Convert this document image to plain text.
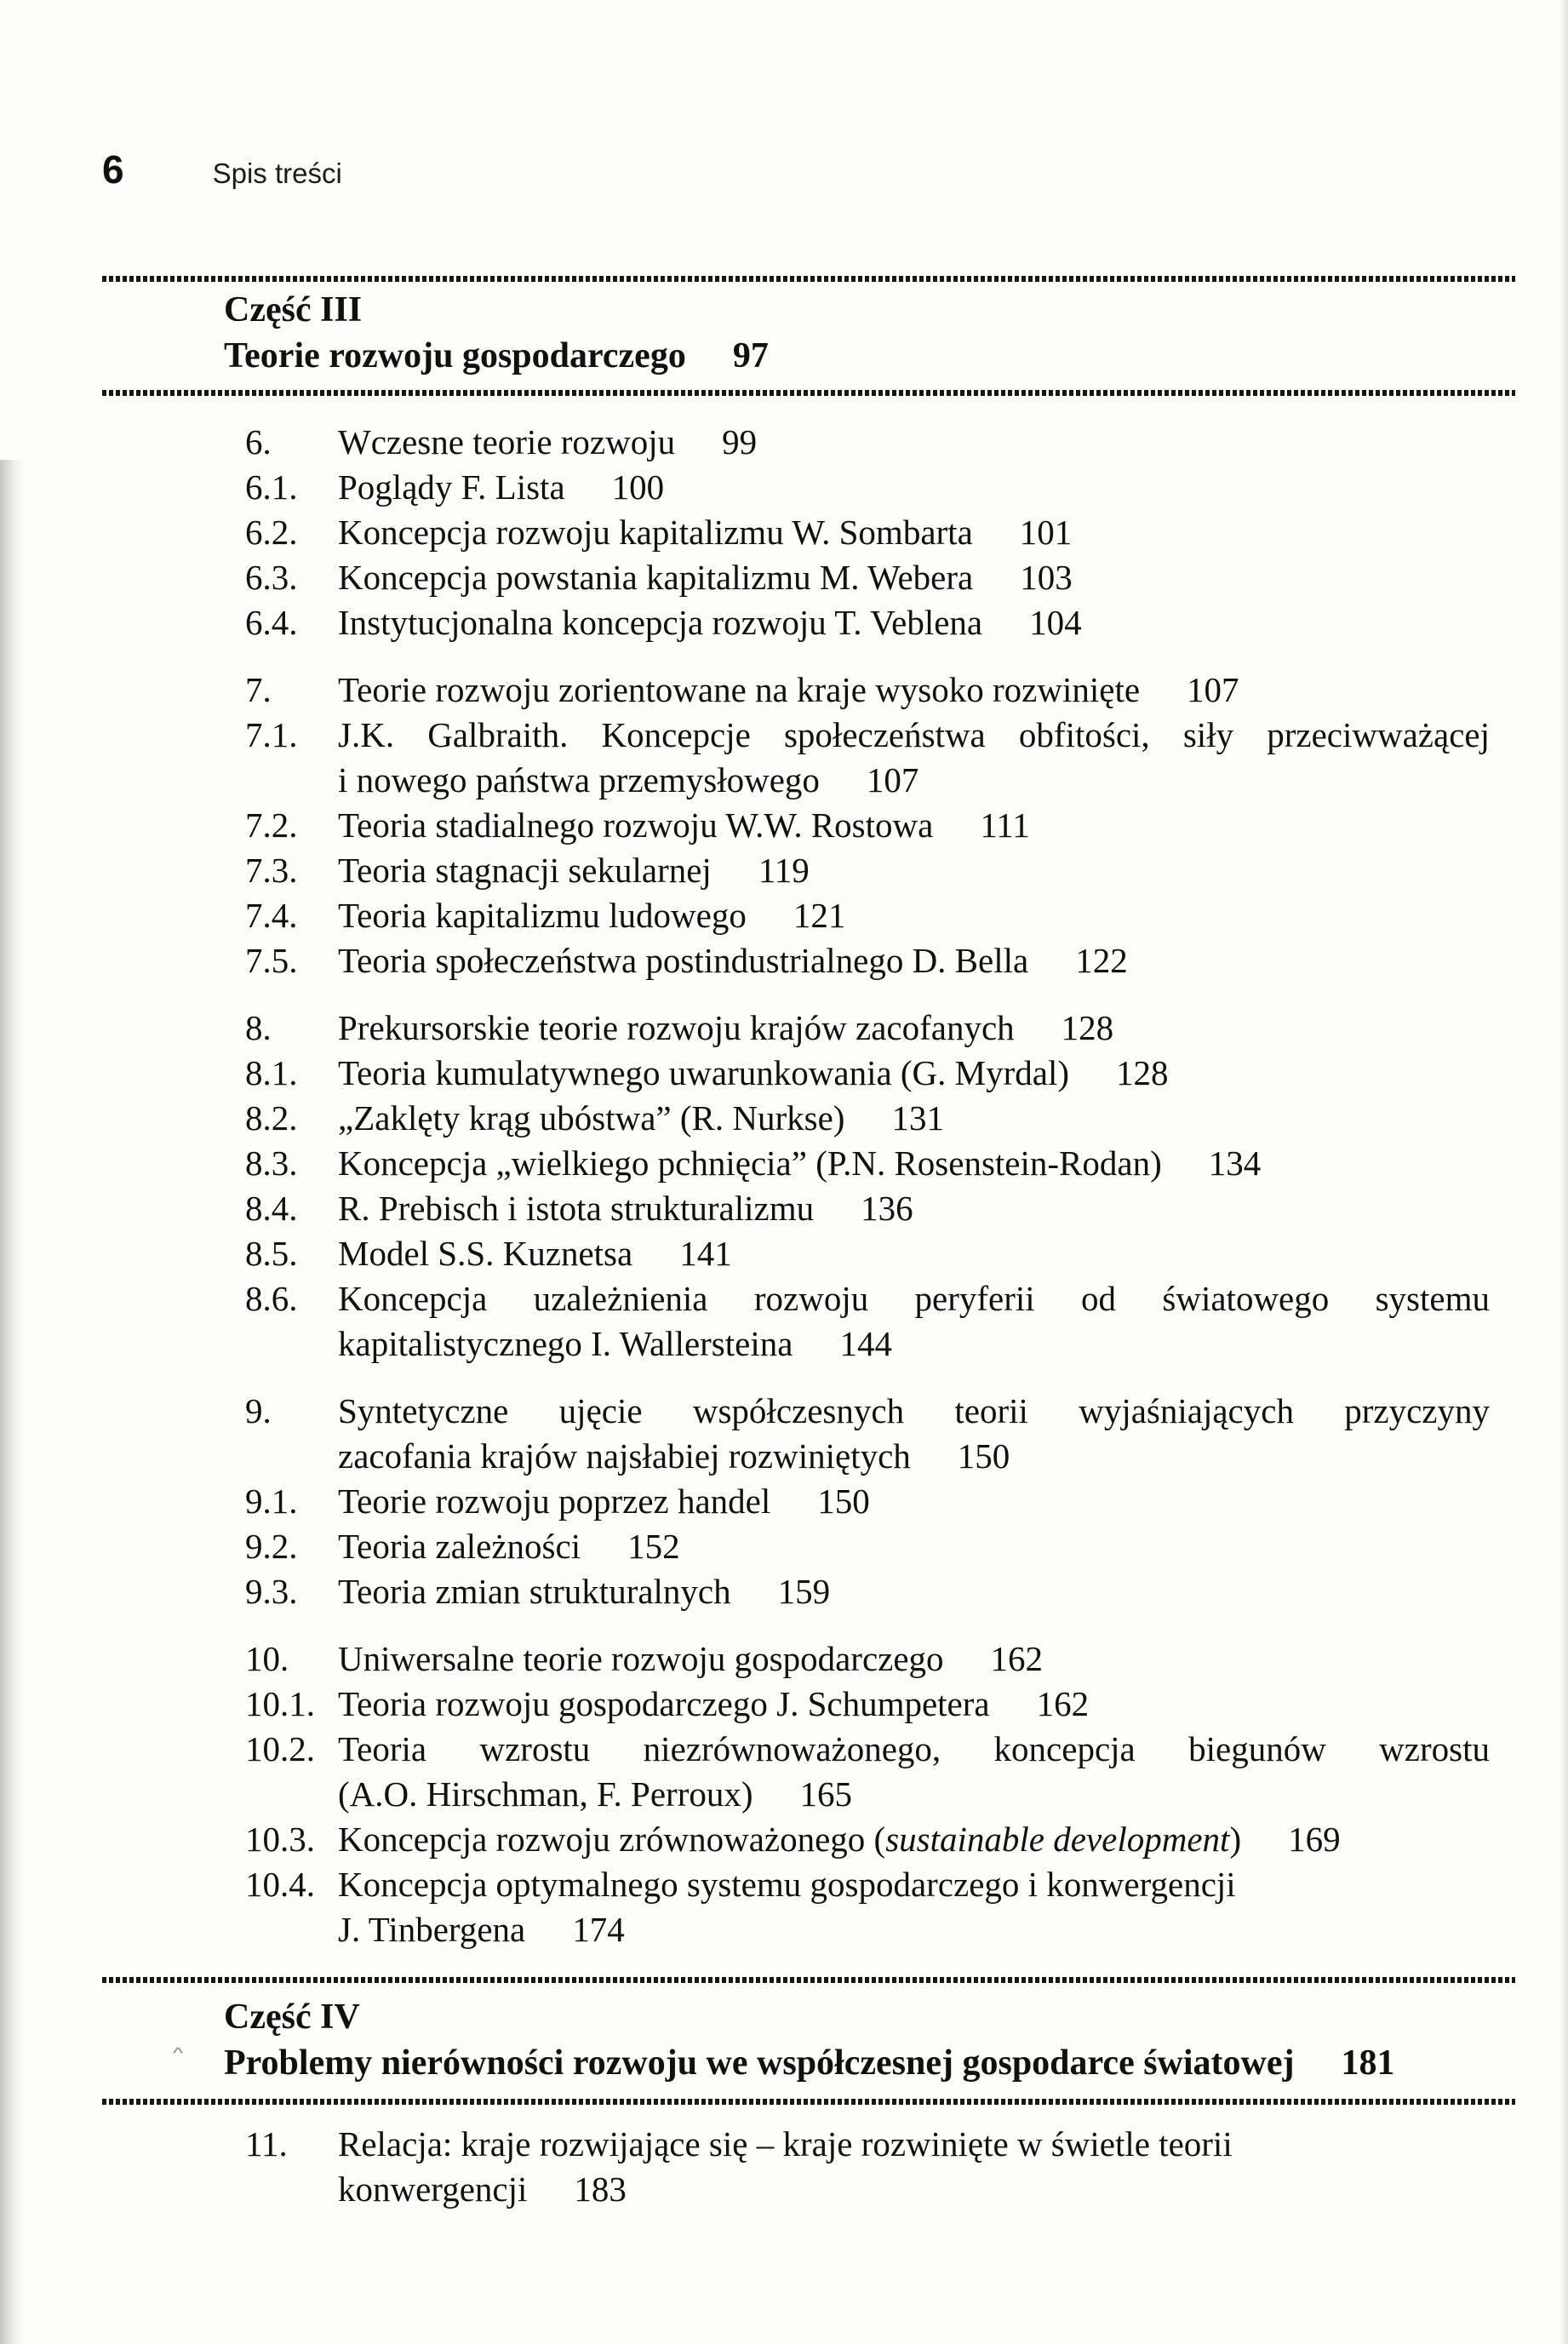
6	Spis treści
^
Część III
Teorie rozwoju gospodarczego 97
6.	Wczesne teorie rozwoju 99
6.1.	Poglądy F. Lista 100
6.2.	Koncepcja rozwoju kapitalizmu W. Sombarta 101
6.3.	Koncepcja powstania kapitalizmu M. Webera 103
6.4.	Instytucjonalna koncepcja rozwoju T. Veblena 104
7.	Teorie rozwoju zorientowane na kraje wysoko rozwinięte 107
7.1.	J.K. Galbraith. Koncepcje społeczeństwa obfitości, siły przeciwważącej
i nowego państwa przemysłowego 107
7.2.	Teoria stadialnego rozwoju W.W. Rostowa 111
7.3.	Teoria stagnacji sekularnej 119
7.4.	Teoria kapitalizmu ludowego 121
7.5.	Teoria społeczeństwa postindustrialnego D. Bella 122
8.	Prekursorskie teorie rozwoju krajów zacofanych 128
8.1.	Teoria kumulatywnego uwarunkowania (G. Myrdal) 128
8.2.	„Zaklęty krąg ubóstwa” (R. Nurkse) 131
8.3.	Koncepcja „wielkiego pchnięcia” (P.N. Rosenstein-Rodan) 134
8.4.	R. Prebisch i istota strukturalizmu 136
8.5.	Model S.S. Kuznetsa 141
8.6.	Koncepcja uzależnienia rozwoju peryferii od światowego systemu
kapitalistycznego I. Wallersteina 144
9.	Syntetyczne ujęcie współczesnych teorii wyjaśniających przyczyny
zacofania krajów najsłabiej rozwiniętych 150
9.1.	Teorie rozwoju poprzez handel 150
9.2.	Teoria zależności 152
9.3.	Teoria zmian strukturalnych 159
10.	Uniwersalne teorie rozwoju gospodarczego 162
10.1. Teoria rozwoju gospodarczego J. Schumpetera 162
10.2. Teoria wzrostu niezrównoważonego, koncepcja biegunów wzrostu
(A.O. Hirschman, F. Perroux) 165
10.3. Koncepcja rozwoju zrównoważonego (sustainable development) 169
10.4. Koncepcja optymalnego systemu gospodarczego i konwergencji
J. Tinbergena 174
Część IV
Problemy nierówności rozwoju we współczesnej gospodarce światowej 181
11.	Relacja: kraje rozwijające się – kraje rozwinięte w świetle teorii
konwergencji 183
